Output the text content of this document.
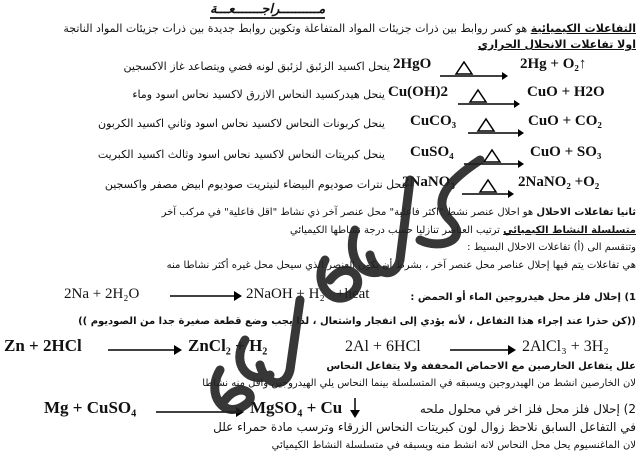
مــــــــــراجـــــــعـــة
التفاعلات الكيميائية هو كسر روابط بين ذرات جزيئات المواد المتفاعلة وتكوين روابط جديدة بين ذرات جزيئات المواد الناتجة
اولا تفاعلات الانحلال الحراري
ينحل اكسيد الزئبق لزئبق لونه فضي ويتصاعد غاز الاكسجين 2HgO	2Hg + O₂↑
ينحل هيدركسيد النحاس الازرق لاكسيد نحاس اسود وماء Cu(OH)2	CuO + H2O
ينحل كربونات النحاس لاكسيد نحاس اسود وثاني اكسيد الكربون CuCO₃	CuO + CO₂
ينحل كبريتات النحاس لاكسيد نحاس اسود وثالث اكسيد الكبريت CuSO₄	CuO + SO₃
تنحل نترات صوديوم البيضاء لنيتريت صوديوم ابيض مصفر واكسجين
2NaNO₃	2NaNO₂ +O₂
ثانيا تفاعلات الاحلال هو احلال عنصر نشط "اكثر فاعلية" محل عنصر آخر ذي نشاط "اقل فاعلية" في مركب آخر
متسلسلة النشاط الكيميائي ترتيب العناصر تنازليا حسب درجة نشاطها الكيميائي
وتنقسم الى (أ) تفاعلات الاحلال البسيط :
هي تفاعلات يتم فيها إحلال عناصر محل عنصر آخر ، بشرط أن يكون العنصر الذي سيحل محل غيره أكثر نشاطا منه
2Na + 2H₂O	2NaOH + H₂ +heat	1) إحلال فلز محل هيدروجين الماء أو الحمض :
((كن حذرا عند إجراء هذا التفاعل ، لأنه يؤدي إلى انفجار واشتعال ، لذا يجب وضع قطعة صغيرة جدا من الصوديوم ))
Zn + 2HCl	ZnCl₂ + H₂	2Al + 6HCl	2AlCl₃ + 3H₂
علل يتفاعل الخارصين مع الاحماض المخففة ولا يتفاعل النحاس
لان الخارصين انشط من الهيدروجين ويسبقه في المتسلسلة بينما النحاس يلي الهيدروجين واقل منه نشاطا
Mg + CuSO₄	MgSO₄ + Cu	2) إحلال فلز محل فلز اخر في محلول ملحه
في التفاعل السابق نلاحظ زوال لون كبريتات النحاس الزرقاء وترسب مادة حمراء علل
لان الماغنسيوم يحل محل النحاس لانه انشط منه ويسبقه في متسلسلة النشاط الكيميائي
